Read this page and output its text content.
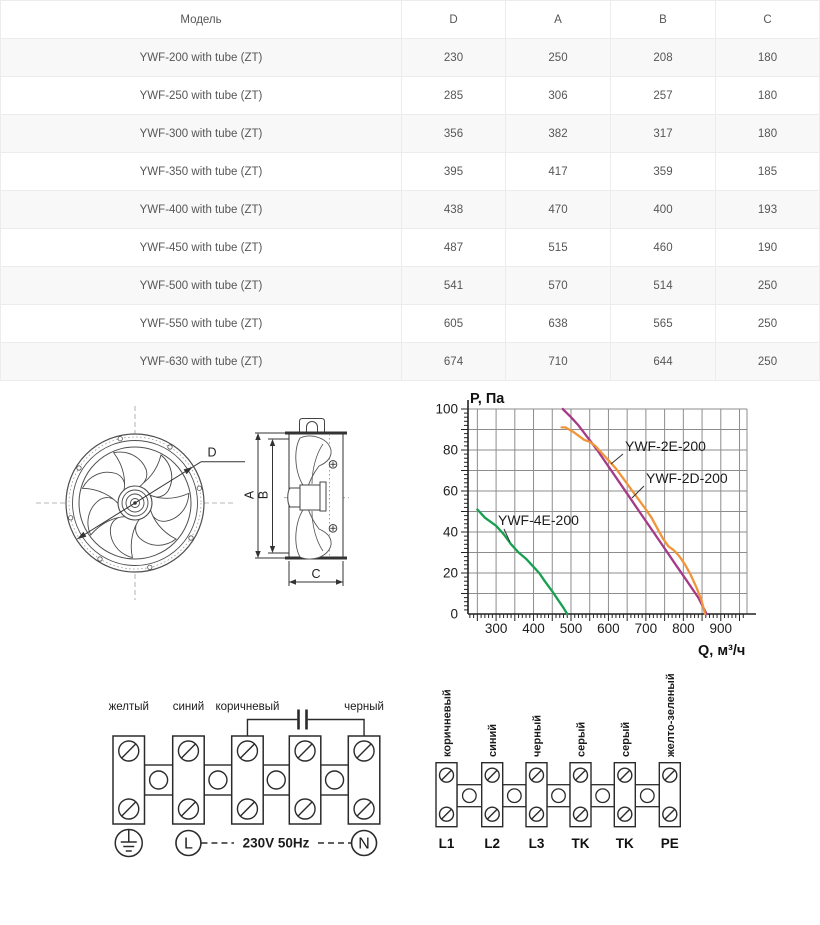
Модель	D	A	B	C
YWF-200 with tube (ZT)	230	250	208	180
YWF-250 with tube (ZT)	285	306	257	180
YWF-300 with tube (ZT)	356	382	317	180
YWF-350 with tube (ZT)	395	417	359	185
YWF-400 with tube (ZT)	438	470	400	193
YWF-450 with tube (ZT)	487	515	460	190
YWF-500 with tube (ZT)	541	570	514	250
YWF-550 with tube (ZT)	605	638	565	250
YWF-630 with tube (ZT)	674	710	644	250
D
A B
C
300 400 500 600 700 800 900
0
20
40
60
80
100
YWF-4E-200
YWF-2D-200
YWF-2E-200
P, Па
Q, м³/ч
желтый синий коричневый	черный
L	N
230V 50Hz
коричневый	синий	черный	серый	серый	желто-зеленый
L1 L2 L3 TK TK PE
